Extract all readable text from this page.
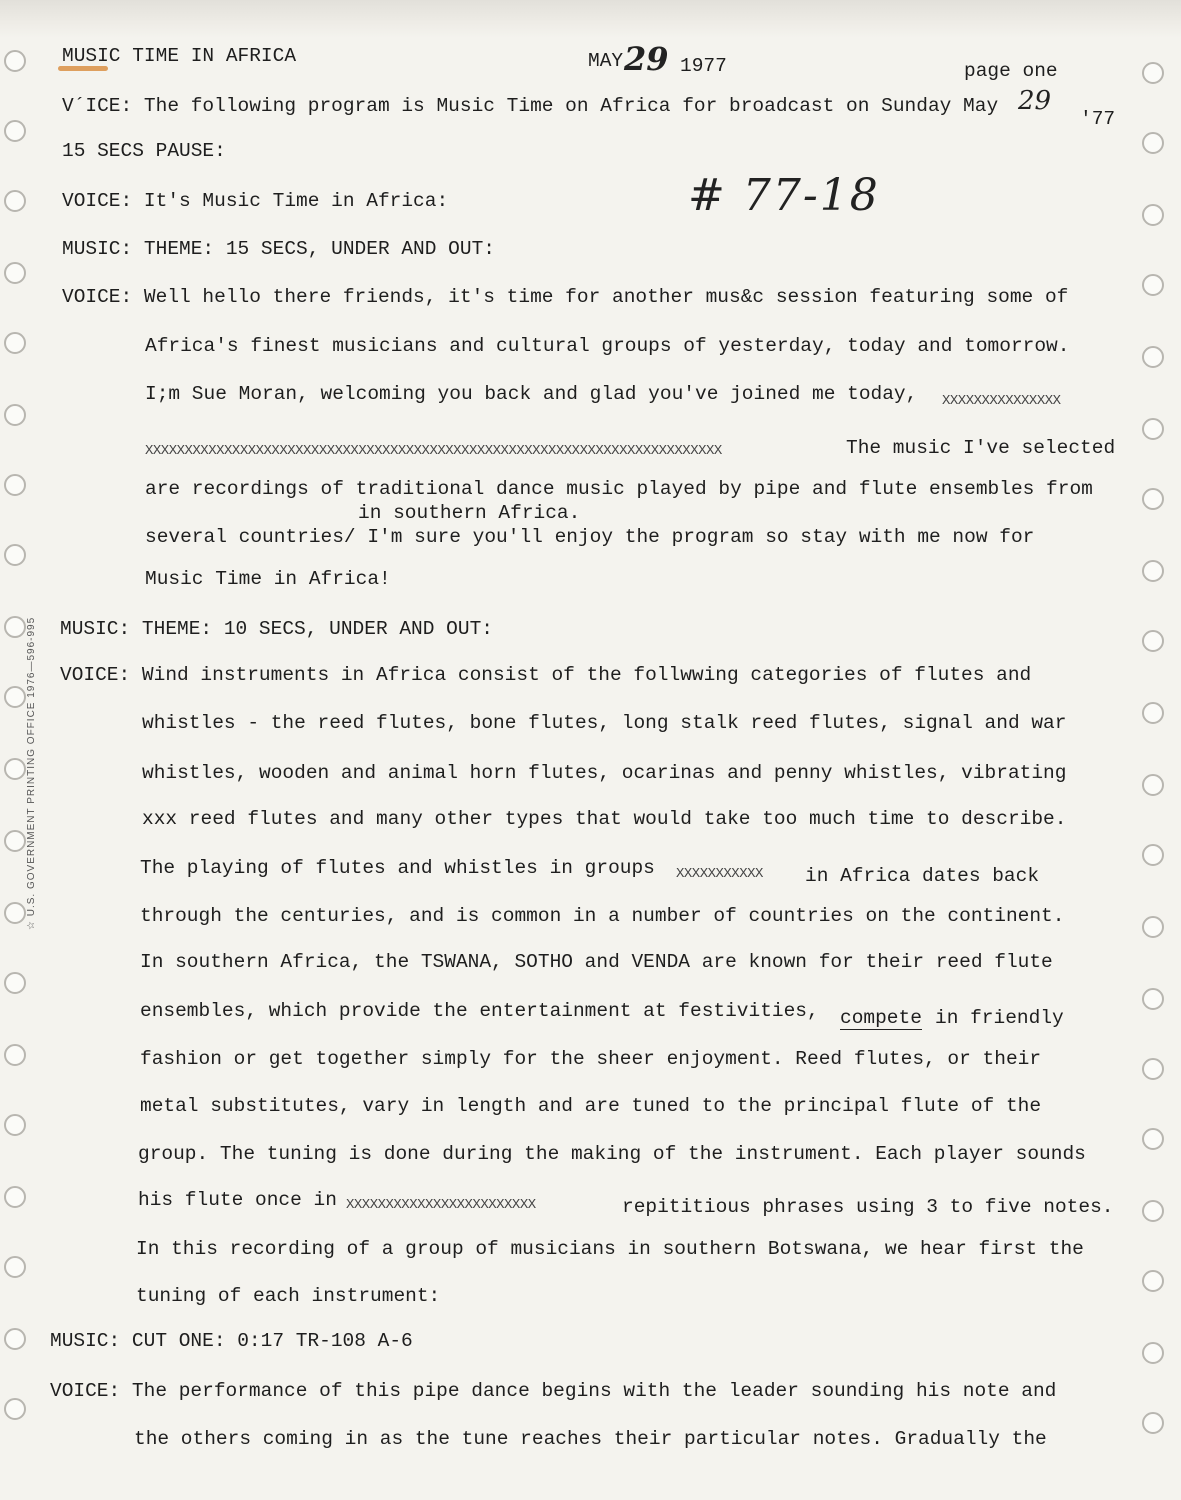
☆ U.S. GOVERNMENT PRINTING OFFICE 1976—596-995
MUSIC TIME IN AFRICA	MAY 29 1977	page one
29
# 77-18
V´ICE: The following program is Music Time on Africa for broadcast on Sunday May
'77
15 SECS PAUSE:
VOICE: It's Music Time in Africa:
MUSIC: THEME: 15 SECS, UNDER AND OUT:
VOICE: Well hello there friends, it's time for another mus&c session featuring some of
Africa's finest musicians and cultural groups of yesterday, today and tomorrow.
I;m Sue Moran, welcoming you back and glad you've joined me today,
The music I've selected
are recordings of traditional dance music played by pipe and flute ensembles from
several countries/ I'm sure you'll enjoy the program so stay with me now for
Music Time in Africa!
MUSIC: THEME: 10 SECS, UNDER AND OUT:
VOICE: Wind instruments in Africa consist of the follwwing categories of flutes and
whistles - the reed flutes, bone flutes, long stalk reed flutes, signal and war
whistles, wooden and animal horn flutes, ocarinas and penny whistles, vibrating
xxx reed flutes and many other types that would take too much time to describe.
The playing of flutes and whistles in groups	in Africa dates back
through the centuries, and is common in a number of countries on the continent.
In southern Africa, the TSWANA, SOTHO and VENDA are known for their reed flute
ensembles, which provide the entertainment at festivities, compete in friendly
fashion or get together simply for the sheer enjoyment. Reed flutes, or their
metal substitutes, vary in length and are tuned to the principal flute of the
group. The tuning is done during the making of the instrument. Each player sounds
his flute once in	repititious phrases using 3 to five notes.
In this recording of a group of musicians in southern Botswana, we hear first the
tuning of each instrument:
MUSIC: CUT ONE: 0:17 TR-108 A-6
VOICE: The performance of this pipe dance begins with the leader sounding his note and
the others coming in as the tune reaches their particular notes. Gradually the
XXXXXXXXXXXXXXX
XXXXXXXXXXXXXXXXXXXXXXXXXXXXXXXXXXXXXXXXXXXXXXXXXXXXXXXXXXXXXXXXXXXXXXXXX
XXXXXXXXXXX
XXXXXXXXXXXXXXXXXXXXXXXX
in southern Africa.
